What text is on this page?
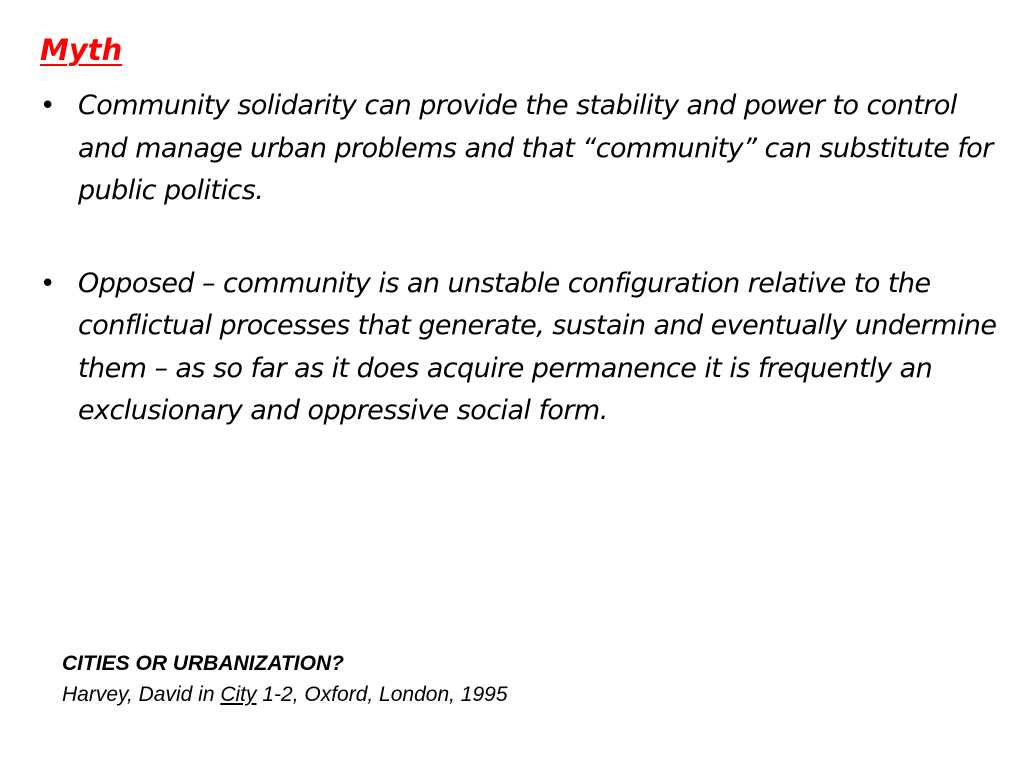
Myth
• Community solidarity can provide the stability and power to control and manage urban problems and that “community” can substitute for public politics.
• Opposed – community is an unstable configuration relative to the conflictual processes that generate, sustain and eventually undermine them – as so far as it does acquire permanence it is frequently an exclusionary and oppressive social form.
CITIES OR URBANIZATION?
Harvey, David in City 1-2, Oxford, London, 1995
